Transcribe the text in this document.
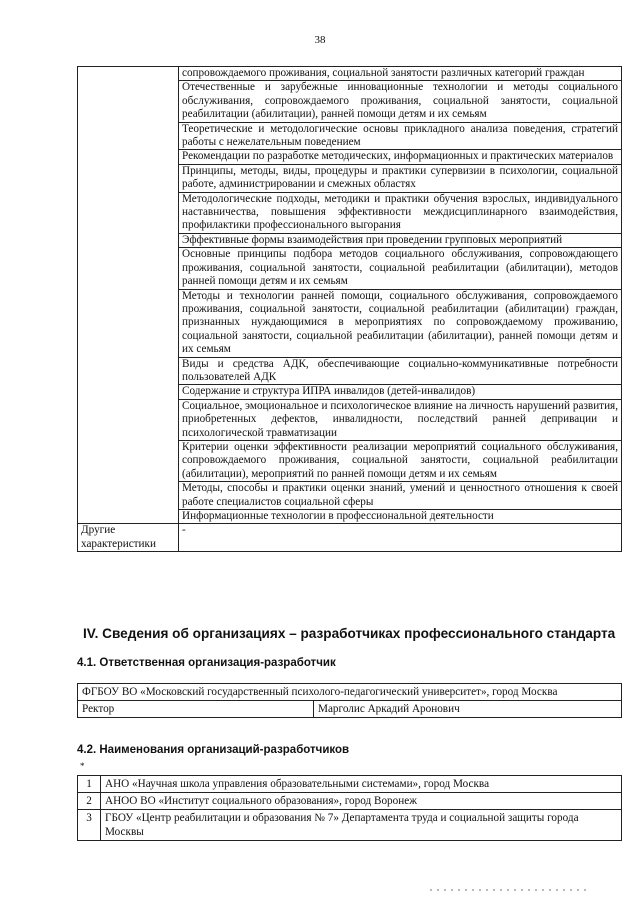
38
	сопровождаемого проживания, социальной занятости различных категорий граждан
	Отечественные и зарубежные инновационные технологии и методы социального обслуживания, сопровождаемого проживания, социальной занятости, социальной реабилитации (абилитации), ранней помощи детям и их семьям
	Теоретические и методологические основы прикладного анализа поведения, стратегий работы с нежелательным поведением
	Рекомендации по разработке методических, информационных и практических материалов
	Принципы, методы, виды, процедуры и практики супервизии в психологии, социальной работе, администрировании и смежных областях
	Методологические подходы, методики и практики обучения взрослых, индивидуального наставничества, повышения эффективности междисциплинарного взаимодействия, профилактики профессионального выгорания
	Эффективные формы взаимодействия при проведении групповых мероприятий
	Основные принципы подбора методов социального обслуживания, сопровождающего проживания, социальной занятости, социальной реабилитации (абилитации), методов ранней помощи детям и их семьям
	Методы и технологии ранней помощи, социального обслуживания, сопровождаемого проживания, социальной занятости, социальной реабилитации (абилитации) граждан, признанных нуждающимися в мероприятиях по сопровождаемому проживанию, социальной занятости, социальной реабилитации (абилитации), ранней помощи детям и их семьям
	Виды и средства АДК, обеспечивающие социально-коммуникативные потребности пользователей АДК
	Содержание и структура ИПРА инвалидов (детей-инвалидов)
	Социальное, эмоциональное и психологическое влияние на личность нарушений развития, приобретенных дефектов, инвалидности, последствий ранней депривации и психологической травматизации
	Критерии оценки эффективности реализации мероприятий социального обслуживания, сопровождаемого проживания, социальной занятости, социальной реабилитации (абилитации), мероприятий по ранней помощи детям и их семьям
	Методы, способы и практики оценки знаний, умений и ценностного отношения к своей работе специалистов социальной сферы
	Информационные технологии в профессиональной деятельности
Другие характеристики	-
IV. Сведения об организациях – разработчиках профессионального стандарта
4.1. Ответственная организация-разработчик
ФГБОУ ВО «Московский государственный психолого-педагогический университет», город Москва
Ректор	Марголис Аркадий Аронович
4.2. Наименования организаций-разработчиков
*
1	АНО «Научная школа управления образовательными системами», город Москва
2	АНОО ВО «Институт социального образования», город Воронеж
3	ГБОУ «Центр реабилитации и образования № 7» Департамента труда и социальной защиты города Москвы
